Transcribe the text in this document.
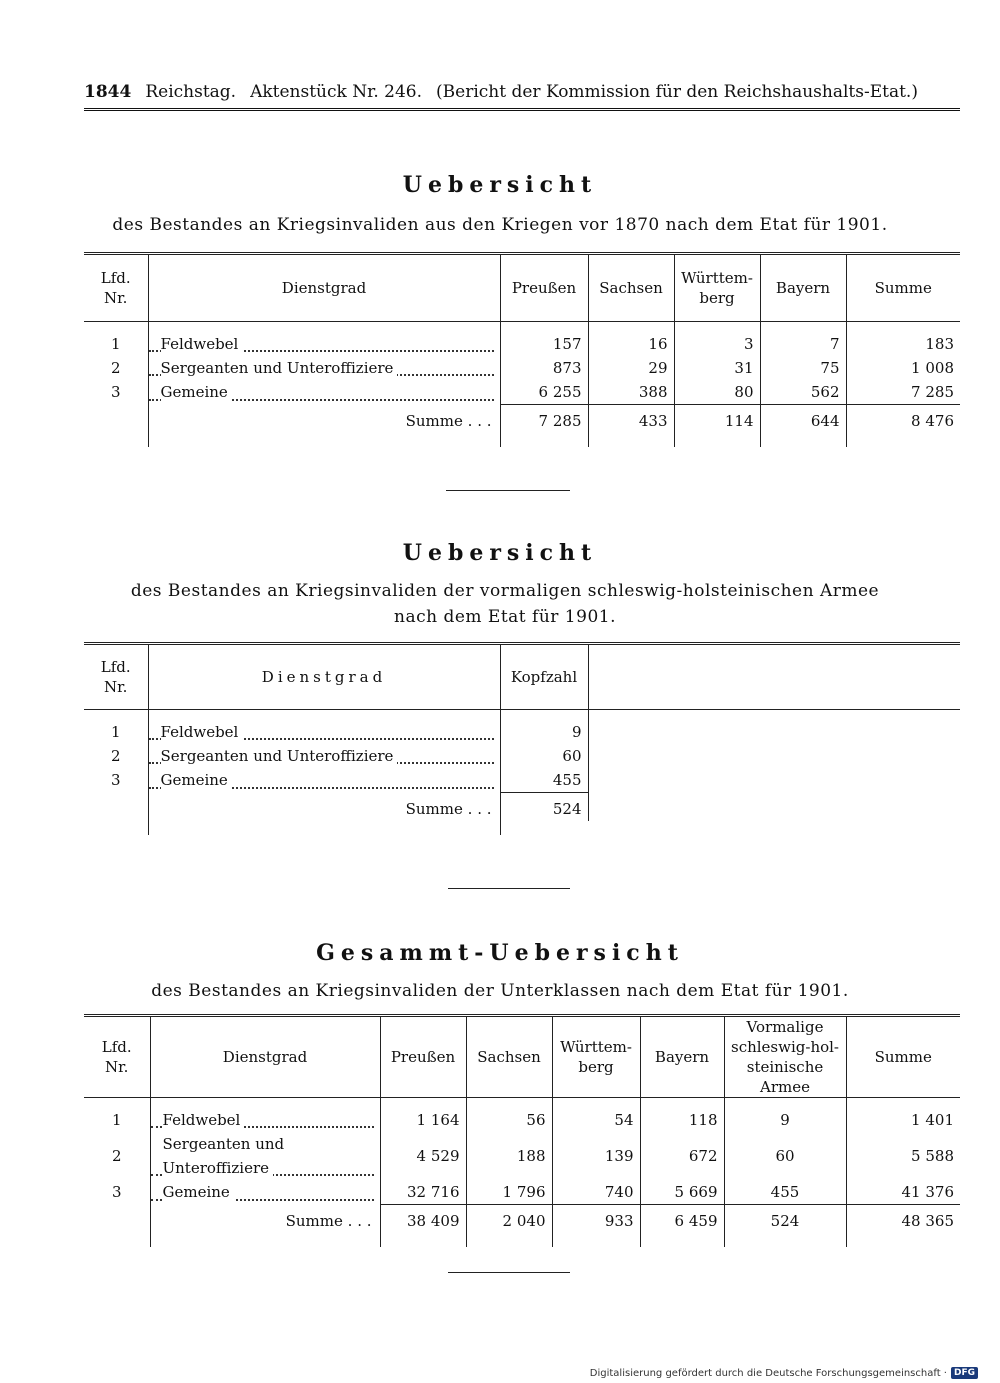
1844 Reichstag. Aktenstück Nr. 246. (Bericht der Kommission für den Reichshaushalts-Etat.)
Uebersicht
des Bestandes an Kriegsinvaliden aus den Kriegen vor 1870 nach dem Etat für 1901.
Lfd. Nr.	Dienstgrad	Preußen	Sachsen	Württem-berg	Bayern	Summe
1	Feldwebel	157	16	3	7	183
2	Sergeanten und Unteroffiziere	873	29	31	75	1 008
3	Gemeine	6 255	388	80	562	7 285
	Summe . . .	7 285	433	114	644	8 476

Uebersicht
des Bestandes an Kriegsinvaliden der vormaligen schleswig-holsteinischen Armee nach dem Etat für 1901.
Lfd. Nr.	Dienstgrad	Kopfzahl	
1	Feldwebel	9	
2	Sergeanten und Unteroffiziere	60	
3	Gemeine	455	
	Summe . . .	524	

Gesammt-Uebersicht
des Bestandes an Kriegsinvaliden der Unterklassen nach dem Etat für 1901.
Lfd. Nr.	Dienstgrad	Preußen	Sachsen	Württem-berg	Bayern	Vormalige schleswig-hol-steinische Armee	Summe
1	Feldwebel	1 164	56	54	118	9	1 401
2	Sergeanten und Unteroffiziere	4 529	188	139	672	60	5 588
3	Gemeine	32 716	1 796	740	5 669	455	41 376
	Summe . . .	38 409	2 040	933	6 459	524	48 365

Digitalisierung gefördert durch die Deutsche Forschungsgemeinschaft · DFG
